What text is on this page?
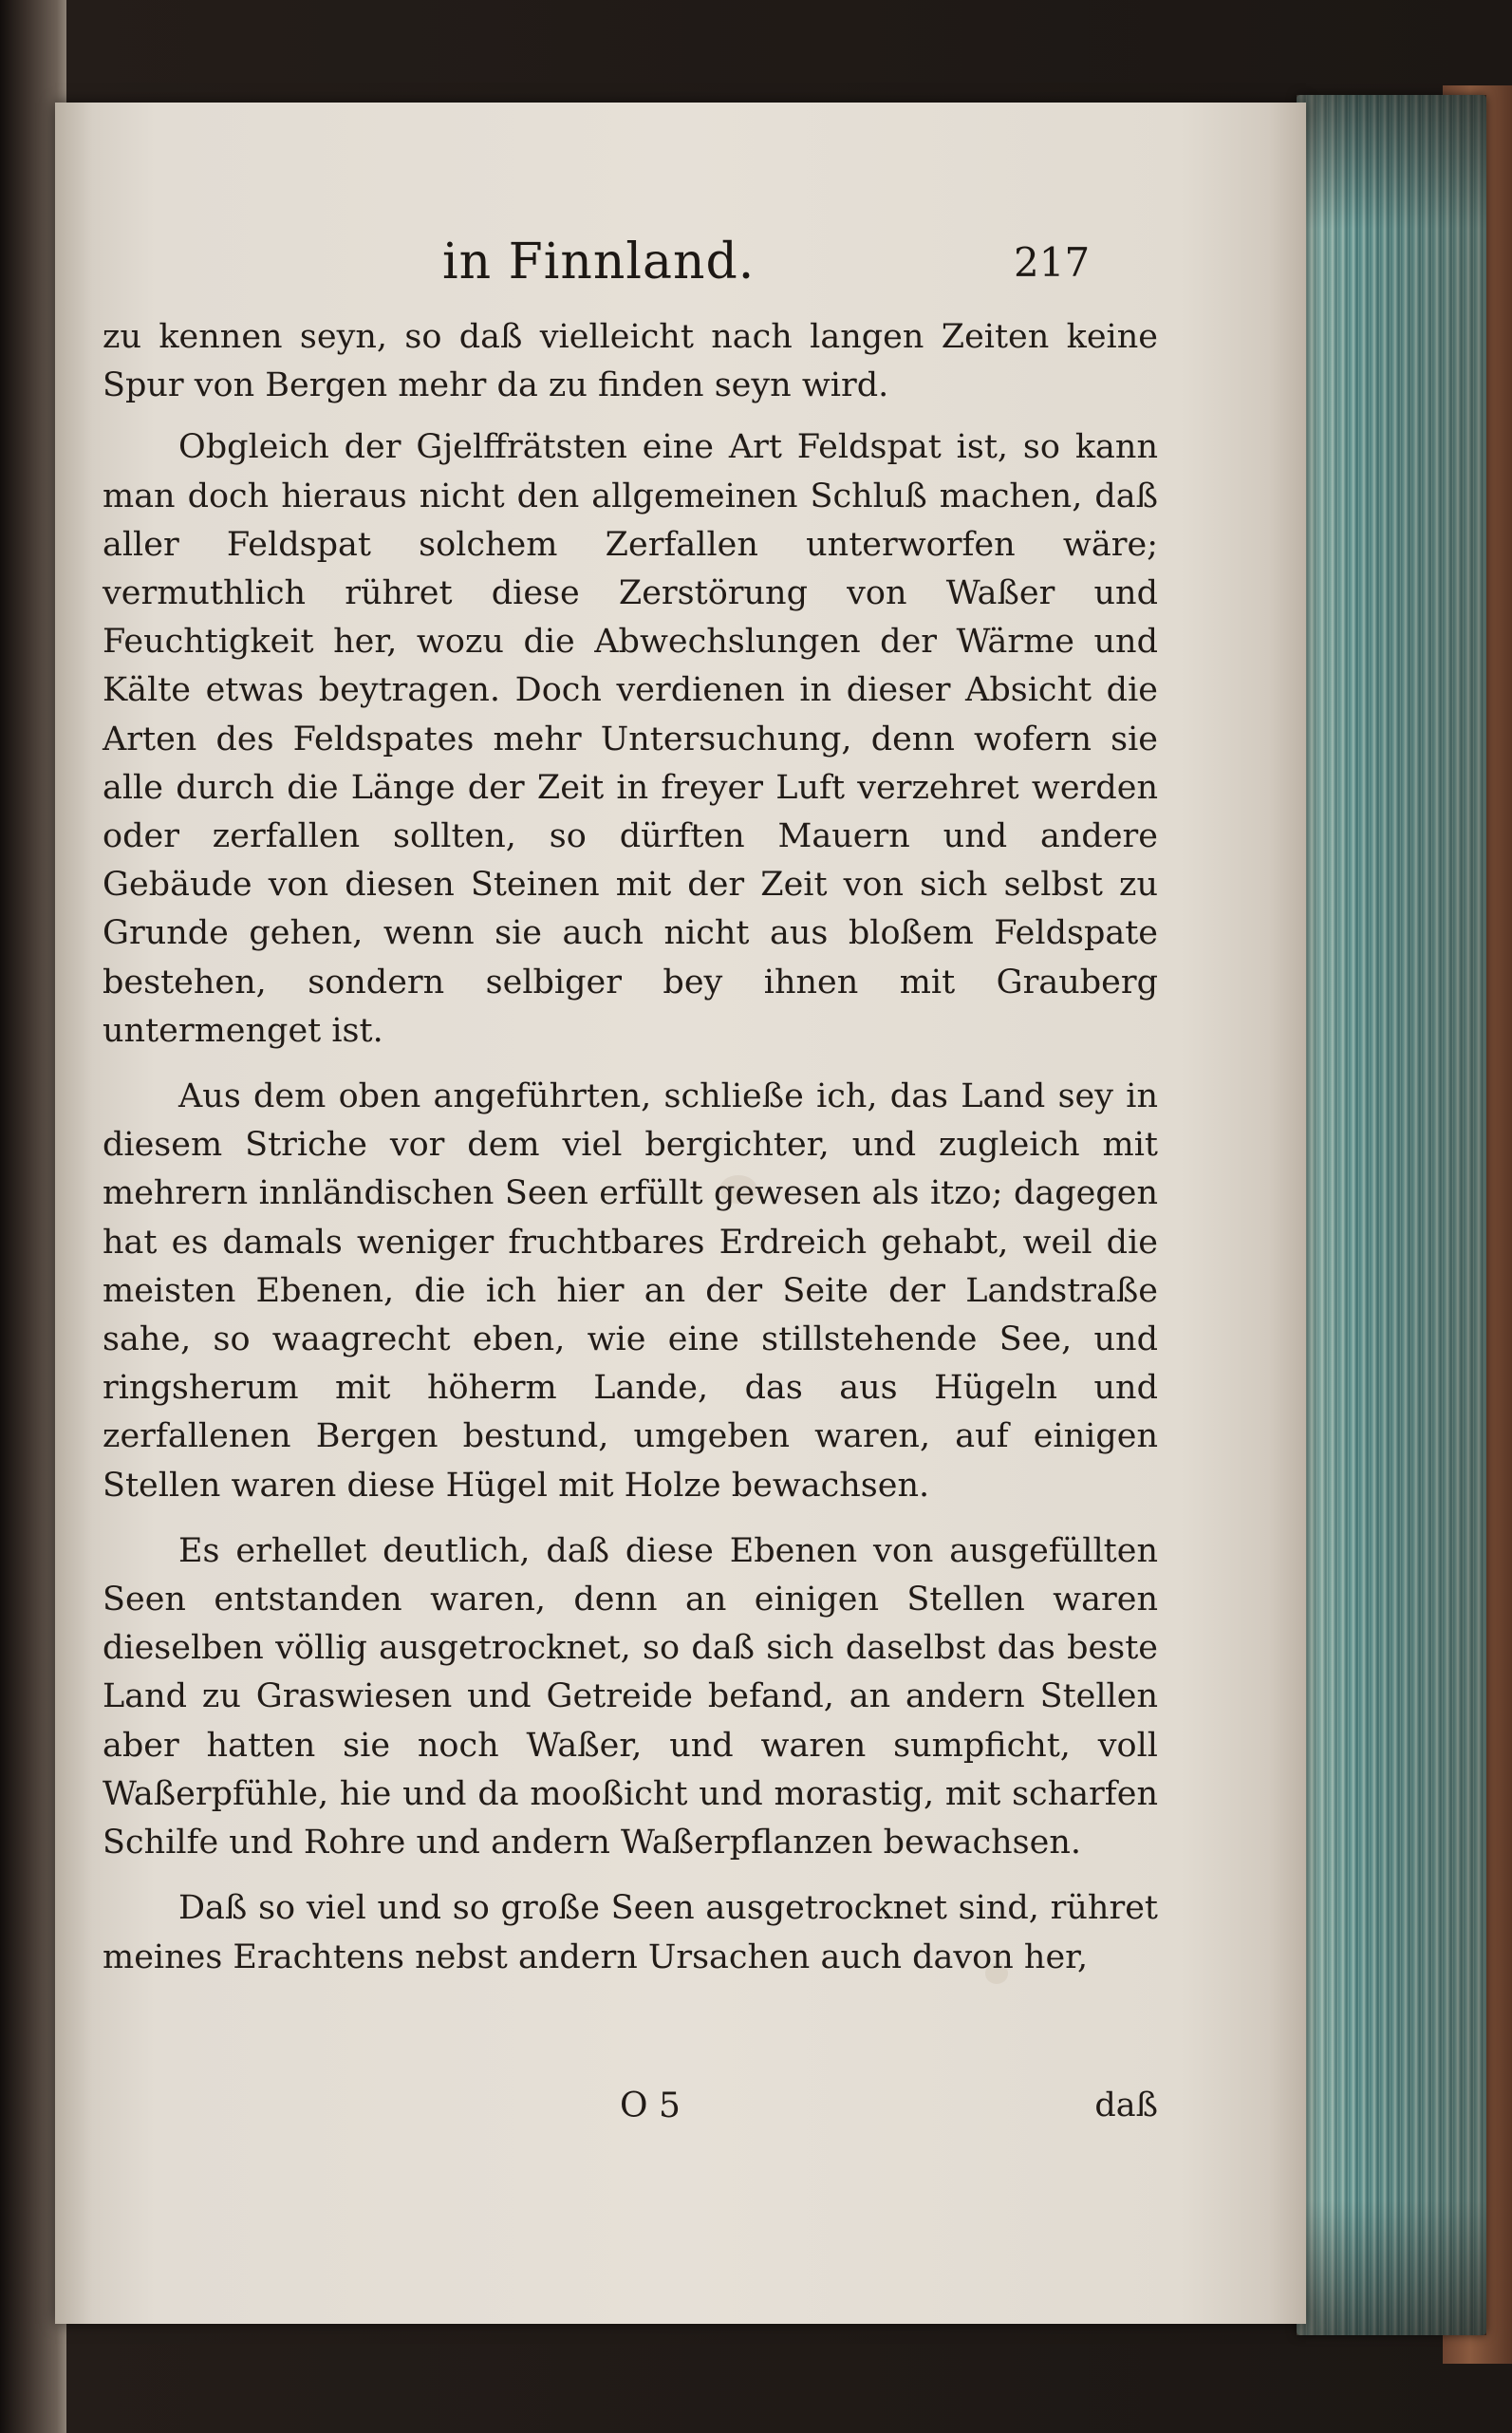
in Finnland.	217

zu kennen seyn, so daß vielleicht nach langen Zeiten keine Spur von Bergen mehr da zu finden seyn wird.

Obgleich der Gjelffrätsten eine Art Feldspat ist, so kann man doch hieraus nicht den allgemeinen Schluß machen, daß aller Feldspat solchem Zerfallen unterworfen wäre; vermuthlich rühret diese Zerstörung von Waßer und Feuchtigkeit her, wozu die Abwechslungen der Wärme und Kälte etwas beytragen. Doch verdienen in dieser Absicht die Arten des Feldspates mehr Untersuchung, denn wofern sie alle durch die Länge der Zeit in freyer Luft verzehret werden oder zerfallen sollten, so dürften Mauern und andere Gebäude von diesen Steinen mit der Zeit von sich selbst zu Grunde gehen, wenn sie auch nicht aus bloßem Feldspate bestehen, sondern selbiger bey ihnen mit Grauberg untermenget ist.

Aus dem oben angeführten, schließe ich, das Land sey in diesem Striche vor dem viel bergichter, und zugleich mit mehrern innländischen Seen erfüllt gewesen als itzo; dagegen hat es damals weniger fruchtbares Erdreich gehabt, weil die meisten Ebenen, die ich hier an der Seite der Landstraße sahe, so waagrecht eben, wie eine stillstehende See, und ringsherum mit höherm Lande, das aus Hügeln und zerfallenen Bergen bestund, umgeben waren, auf einigen Stellen waren diese Hügel mit Holze bewachsen.

Es erhellet deutlich, daß diese Ebenen von ausgefüllten Seen entstanden waren, denn an einigen Stellen waren dieselben völlig ausgetrocknet, so daß sich daselbst das beste Land zu Graswiesen und Getreide befand, an andern Stellen aber hatten sie noch Waßer, und waren sumpficht, voll Waßerpfühle, hie und da mooßicht und morastig, mit scharfen Schilfe und Rohre und andern Waßerpflanzen bewachsen.

Daß so viel und so große Seen ausgetrocknet sind, rühret meines Erachtens nebst andern Ursachen auch davon her,

O 5	daß
